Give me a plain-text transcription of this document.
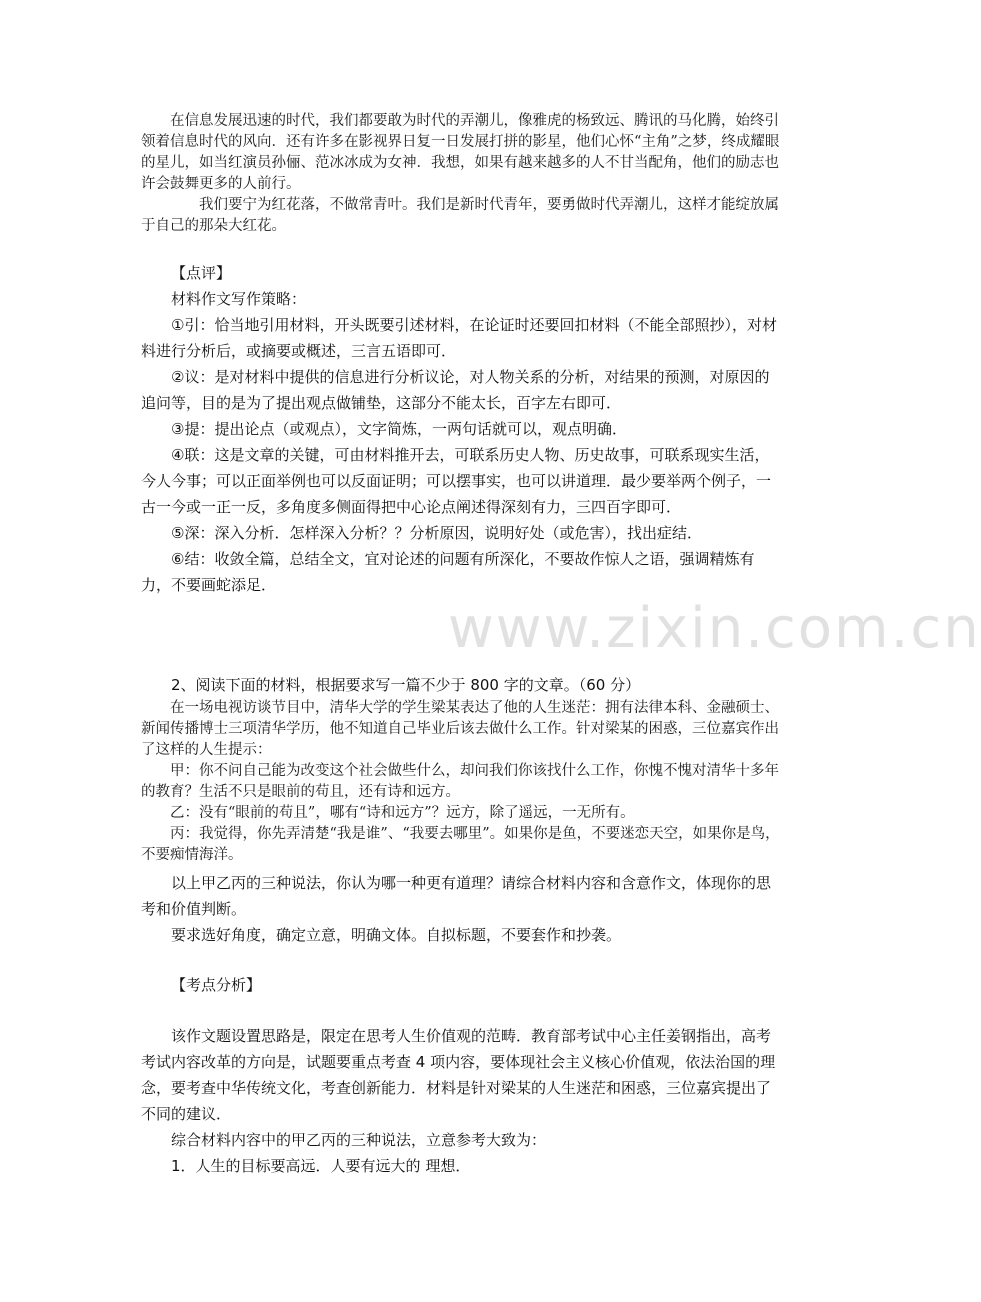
在信息发展迅速的时代，我们都要敢为时代的弄潮儿，像雅虎的杨致远、腾讯的马化腾，始终引领着信息时代的风向．还有许多在影视界日复一日发展打拼的影星，他们心怀“主角”之梦，终成耀眼的星儿，如当红演员孙俪、范冰冰成为女神．我想，如果有越来越多的人不甘当配角，他们的励志也许会鼓舞更多的人前行。

我们要宁为红花落，不做常青叶。我们是新时代青年，要勇做时代弄潮儿，这样才能绽放属于自己的那朵大红花。

【点评】

材料作文写作策略：

①引：恰当地引用材料，开头既要引述材料，在论证时还要回扣材料（不能全部照抄），对材料进行分析后，或摘要或概述，三言五语即可．

②议：是对材料中提供的信息进行分析议论，对人物关系的分析，对结果的预测，对原因的追问等，目的是为了提出观点做铺垫，这部分不能太长，百字左右即可．

③提：提出论点（或观点），文字简炼，一两句话就可以，观点明确．

④联：这是文章的关键，可由材料推开去，可联系历史人物、历史故事，可联系现实生活，今人今事；可以正面举例也可以反面证明；可以摆事实，也可以讲道理．最少要举两个例子，一古一今或一正一反，多角度多侧面得把中心论点阐述得深刻有力，三四百字即可．

⑤深：深入分析．怎样深入分析？？分析原因，说明好处（或危害），找出症结．

⑥结：收敛全篇，总结全文，宜对论述的问题有所深化，不要故作惊人之语，强调精炼有力，不要画蛇添足．

2、阅读下面的材料，根据要求写一篇不少于 800 字的文章。（60 分）

在一场电视访谈节目中，清华大学的学生梁某表达了他的人生迷茫：拥有法律本科、金融硕士、新闻传播博士三项清华学历，他不知道自己毕业后该去做什么工作。针对梁某的困惑，三位嘉宾作出了这样的人生提示：

甲：你不问自己能为改变这个社会做些什么，却问我们你该找什么工作，你愧不愧对清华十多年的教育？生活不只是眼前的苟且，还有诗和远方。

乙：没有“眼前的苟且”，哪有“诗和远方”？远方，除了遥远，一无所有。

丙：我觉得，你先弄清楚“我是谁”、“我要去哪里”。如果你是鱼，不要迷恋天空，如果你是鸟，不要痴情海洋。

以上甲乙丙的三种说法，你认为哪一种更有道理？请综合材料内容和含意作文，体现你的思考和价值判断。

要求选好角度，确定立意，明确文体。自拟标题，不要套作和抄袭。

【考点分析】

该作文题设置思路是，限定在思考人生价值观的范畴．教育部考试中心主任姜钢指出，高考考试内容改革的方向是，试题要重点考查 4 项内容，要体现社会主义核心价值观，依法治国的理念，要考查中华传统文化，考查创新能力．材料是针对梁某的人生迷茫和困惑，三位嘉宾提出了不同的建议．

综合材料内容中的甲乙丙的三种说法，立意参考大致为：

1．人生的目标要高远．人要有远大的 理想．

www.zixin.com.cn
